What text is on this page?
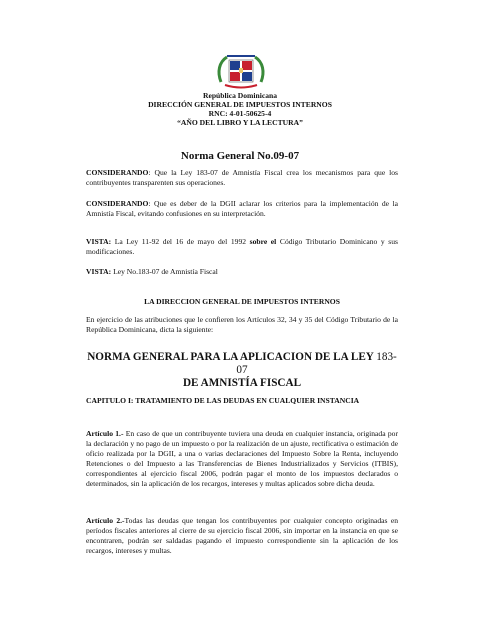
República Dominicana
DIRECCIÓN GENERAL DE IMPUESTOS INTERNOS
RNC: 4-01-50625-4
“AÑO DEL LIBRO Y LA LECTURA”
Norma General No.09-07
CONSIDERANDO: Que la Ley 183-07 de Amnistía Fiscal crea los mecanismos para que los contribuyentes transparenten sus operaciones.
CONSIDERANDO: Que es deber de la DGII aclarar los criterios para la implementación de la Amnistía Fiscal, evitando confusiones en su interpretación.
VISTA: La Ley 11-92 del 16 de mayo del 1992 sobre el Código Tributario Dominicano y sus modificaciones.
VISTA: Ley No.183-07 de Amnistía Fiscal
LA DIRECCION GENERAL DE IMPUESTOS INTERNOS
En ejercicio de las atribuciones que le confieren los Artículos 32, 34 y 35 del Código Tributario de la República Dominicana, dicta la siguiente:
NORMA GENERAL PARA LA APLICACION DE LA LEY 183-07
DE AMNISTÍA FISCAL
CAPITULO I: TRATAMIENTO DE LAS DEUDAS EN CUALQUIER INSTANCIA
Artículo 1.- En caso de que un contribuyente tuviera una deuda en cualquier instancia, originada por la declaración y no pago de un impuesto o por la realización de un ajuste, rectificativa o estimación de oficio realizada por la DGII, a una o varias declaraciones del Impuesto Sobre la Renta, incluyendo Retenciones o del Impuesto a las Transferencias de Bienes Industrializados y Servicios (ITBIS), correspondientes al ejercicio fiscal 2006, podrán pagar el monto de los impuestos declarados o determinados, sin la aplicación de los recargos, intereses y multas aplicados sobre dicha deuda.
Artículo 2.-Todas las deudas que tengan los contribuyentes por cualquier concepto originadas en períodos fiscales anteriores al cierre de su ejercicio fiscal 2006, sin importar en la instancia en que se encontraren, podrán ser saldadas pagando el impuesto correspondiente sin la aplicación de los recargos, intereses y multas.
